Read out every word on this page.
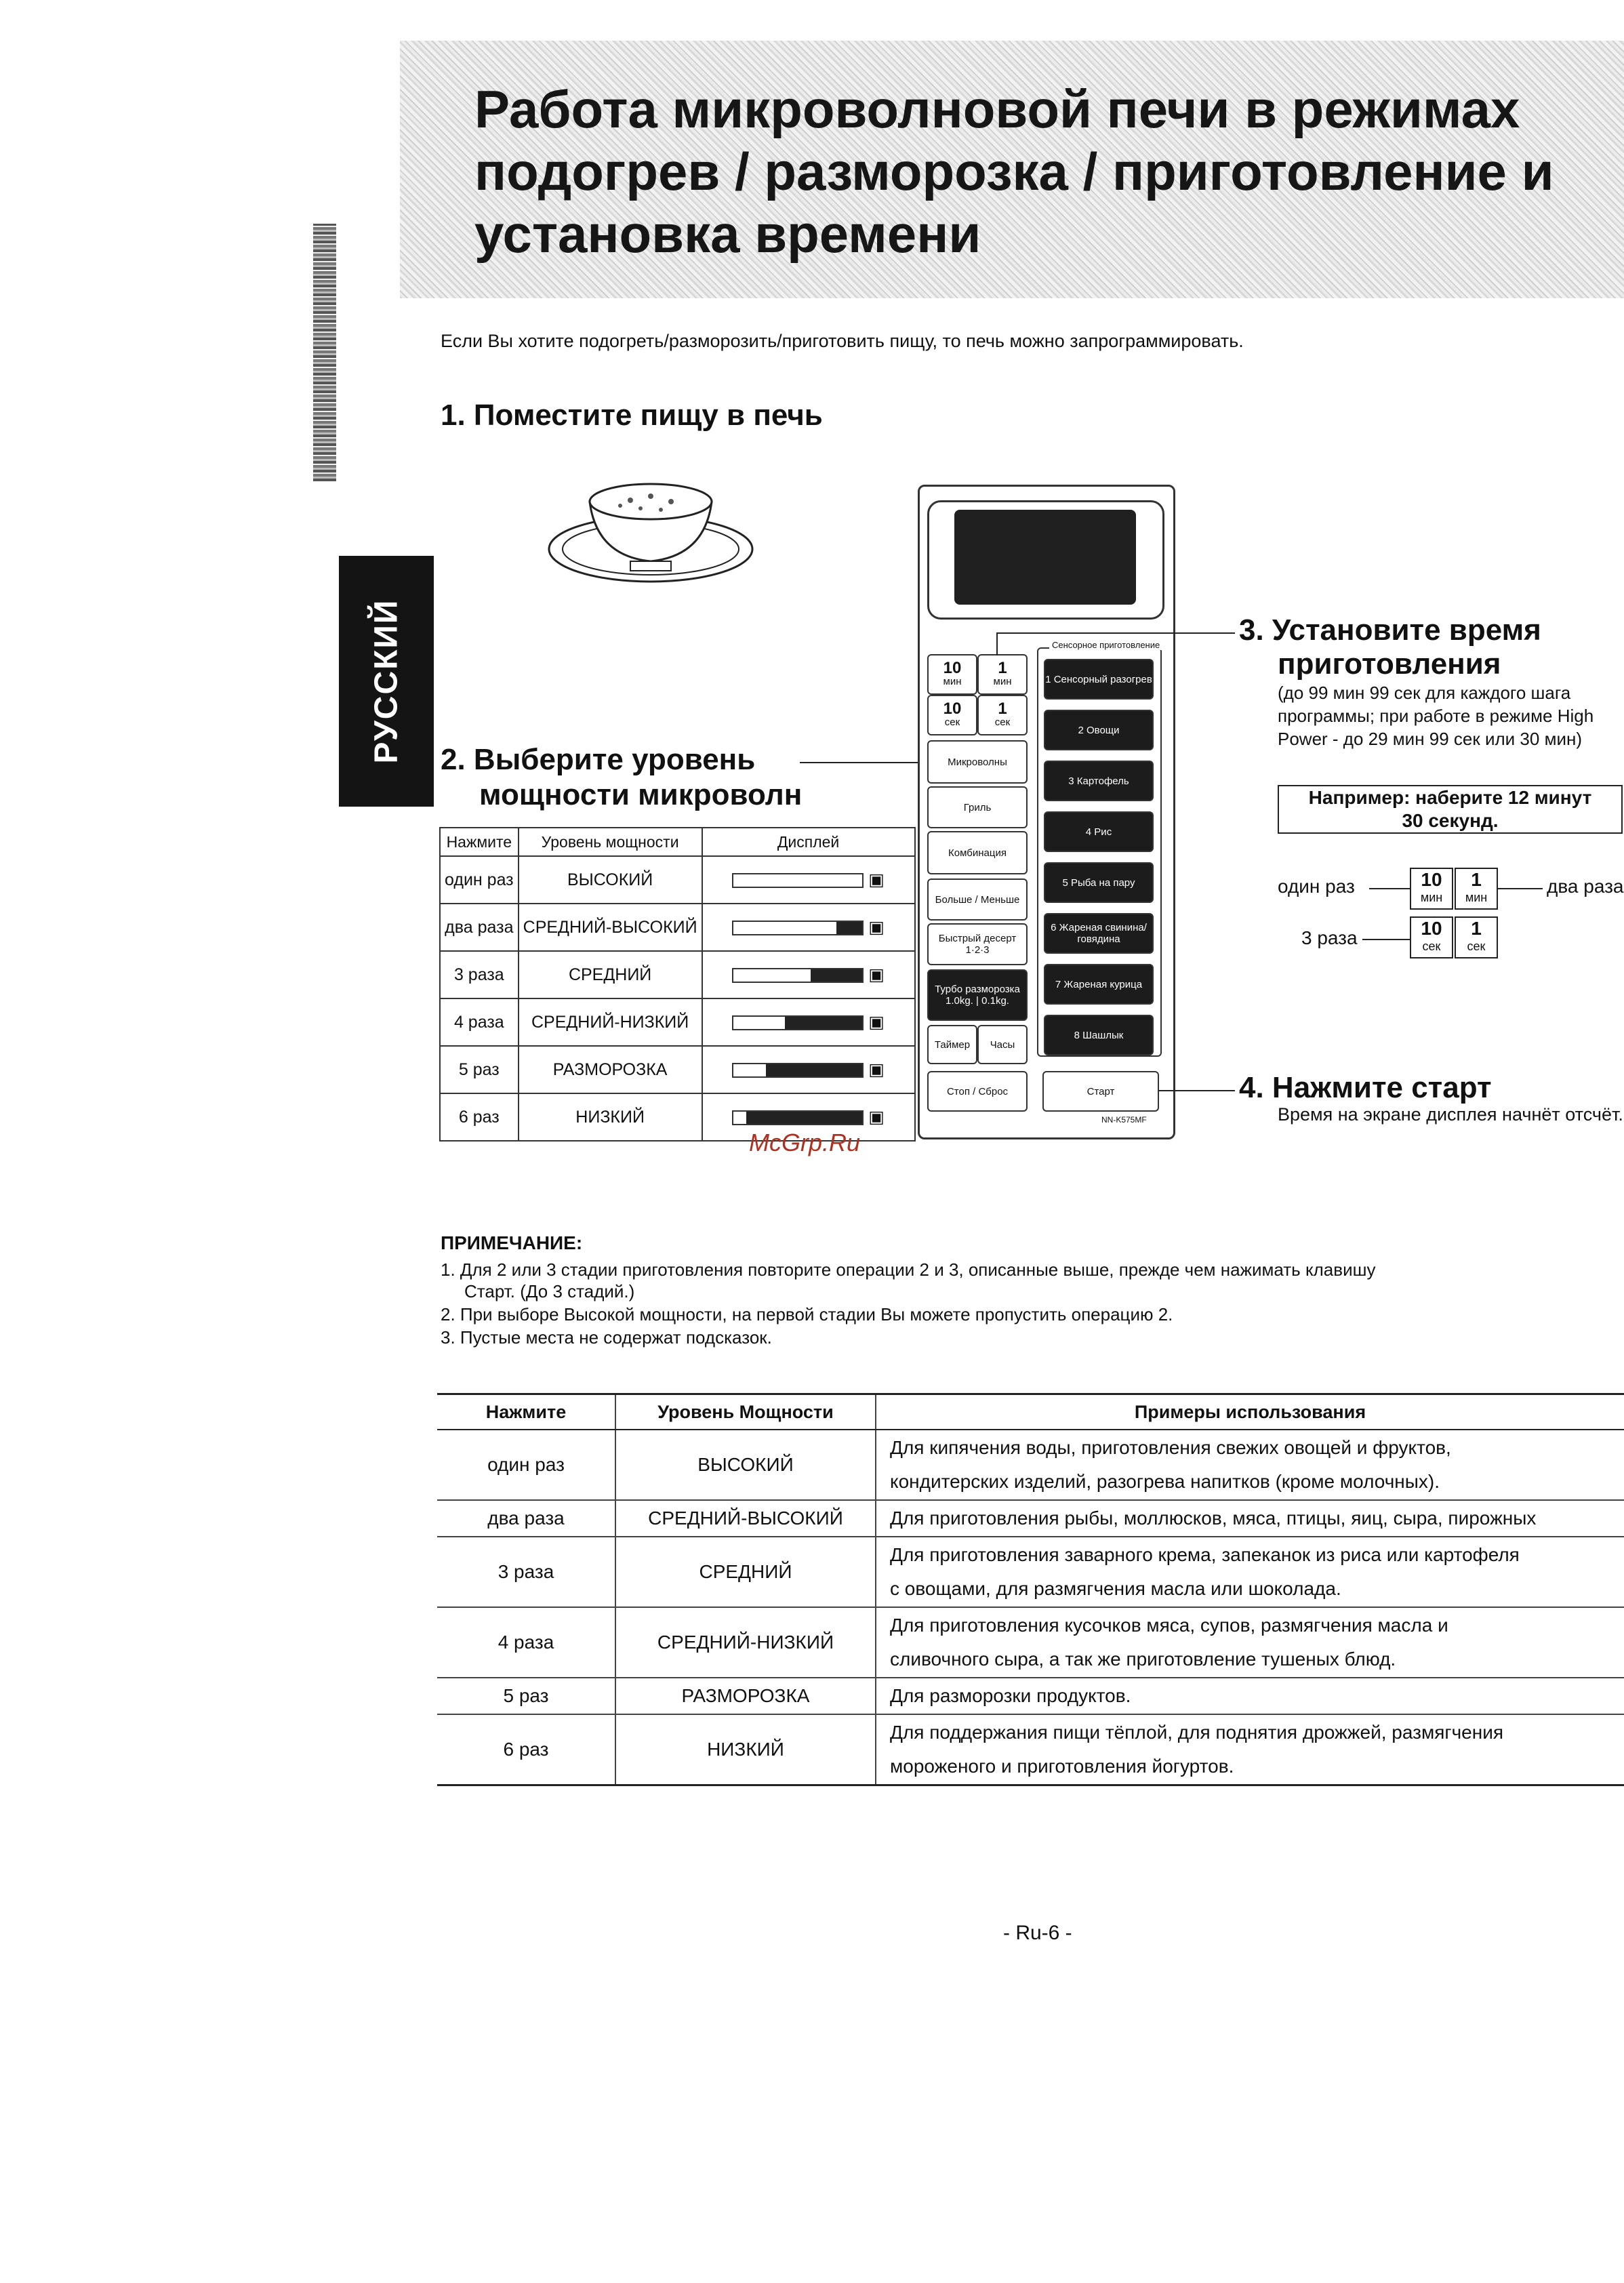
Работа микроволновой печи в режимах подогрев / разморозка / приготовление и установка времени
РУССКИЙ
Если Вы хотите подогреть/разморозить/приготовить пищу, то печь можно запрограммировать.
1. Поместите пищу в печь
2. Выберите уровень
мощности микроволн
Нажмите	Уровень мощности	Дисплей
один раз	ВЫСОКИЙ	▣
два раза	СРЕДНИЙ-ВЫСОКИЙ	▣
3 раза	СРЕДНИЙ	▣
4 раза	СРЕДНИЙ-НИЗКИЙ	▣
5 раз	РАЗМОРОЗКА	▣
6 раз	НИЗКИЙ	▣
10
мин
1
мин
10
сек
1
сек
Микроволны
Гриль
Комбинация
Больше / Меньше
Быстрый десерт 1·2·3
Турбо разморозка
1.0kg. | 0.1kg.
Таймер	Часы
Стоп / Сброс	Старт
Сенсорное приготовление
1 Сенсорный разогрев
2 Овощи
3 Картофель
4 Рис
5 Рыба на пару
6 Жареная свинина/говядина
7 Жареная курица
8 Шашлык
NN-K575MF
3. Установите время
приготовления
(до 99 мин 99 сек для каждого шага программы; при работе в режиме High Power - до 29 мин 99 сек или 30 мин)
Например: наберите 12 минут
30 секунд.
один раз	два раза
3 раза
10
мин
1
мин
10
сек
1
сек
4. Нажмите старт
Время на экране дисплея начнёт отсчёт.
McGrp.Ru
ПРИМЕЧАНИЕ:
1. Для 2 или 3 стадии приготовления повторите операции 2 и 3, описанные выше, прежде чем нажимать клавишу
Старт. (До 3 стадий.)
2. При выборе Высокой мощности, на первой стадии Вы можете пропустить операцию 2.
3. Пустые места не содержат подсказок.
Нажмите	Уровень Мощности	Примеры использования
один раз	ВЫСОКИЙ	Для кипячения воды, приготовления свежих овощей и фруктов,
кондитерских изделий, разогрева напитков (кроме молочных).

два раза	СРЕДНИЙ-ВЫСОКИЙ	Для приготовления рыбы, моллюсков, мяса, птицы, яиц, сыра, пирожных

3 раза	СРЕДНИЙ	Для приготовления заварного крема, запеканок из риса или картофеля
с овощами, для размягчения масла или шоколада.

4 раза	СРЕДНИЙ-НИЗКИЙ	Для приготовления кусочков мяса, супов, размягчения масла и
сливочного сыра, а так же приготовление тушеных блюд.

5 раз	РАЗМОРОЗКА	Для разморозки продуктов.

6 раз	НИЗКИЙ	Для поддержания пищи тёплой, для поднятия дрожжей, размягчения
мороженого и приготовления йогуртов.
- Ru-6 -
